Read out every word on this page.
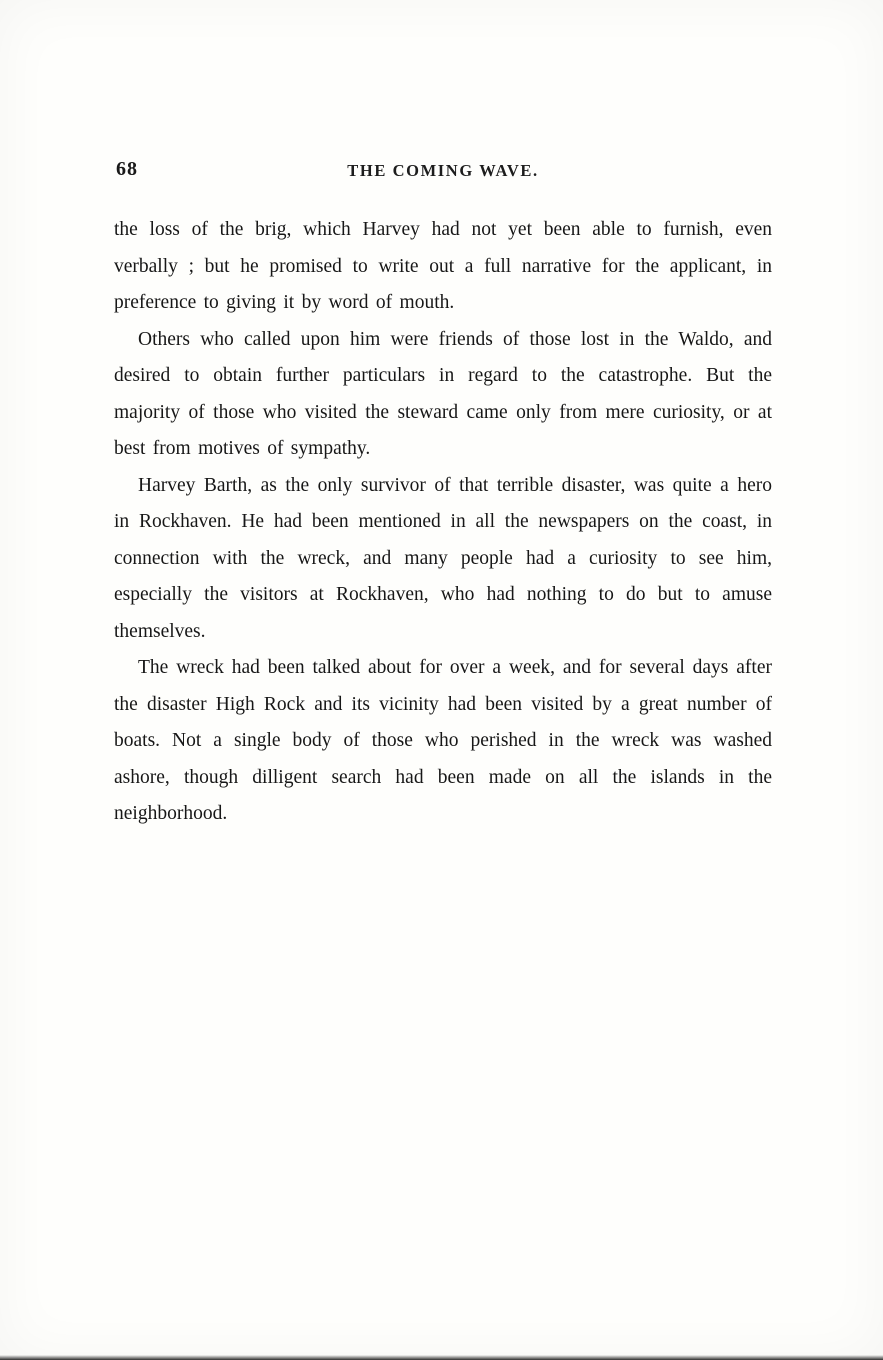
68	THE COMING WAVE.

the loss of the brig, which Harvey had not yet been able to furnish, even verbally ; but he promised to write out a full narrative for the applicant, in preference to giving it by word of mouth.

Others who called upon him were friends of those lost in the Waldo, and desired to obtain further particulars in regard to the catastrophe. But the majority of those who visited the steward came only from mere curiosity, or at best from motives of sympathy.

Harvey Barth, as the only survivor of that terrible disaster, was quite a hero in Rockhaven. He had been mentioned in all the newspapers on the coast, in connection with the wreck, and many people had a curiosity to see him, especially the visitors at Rockhaven, who had nothing to do but to amuse themselves.

The wreck had been talked about for over a week, and for several days after the disaster High Rock and its vicinity had been visited by a great number of boats. Not a single body of those who perished in the wreck was washed ashore, though dilligent search had been made on all the islands in the neighborhood.
